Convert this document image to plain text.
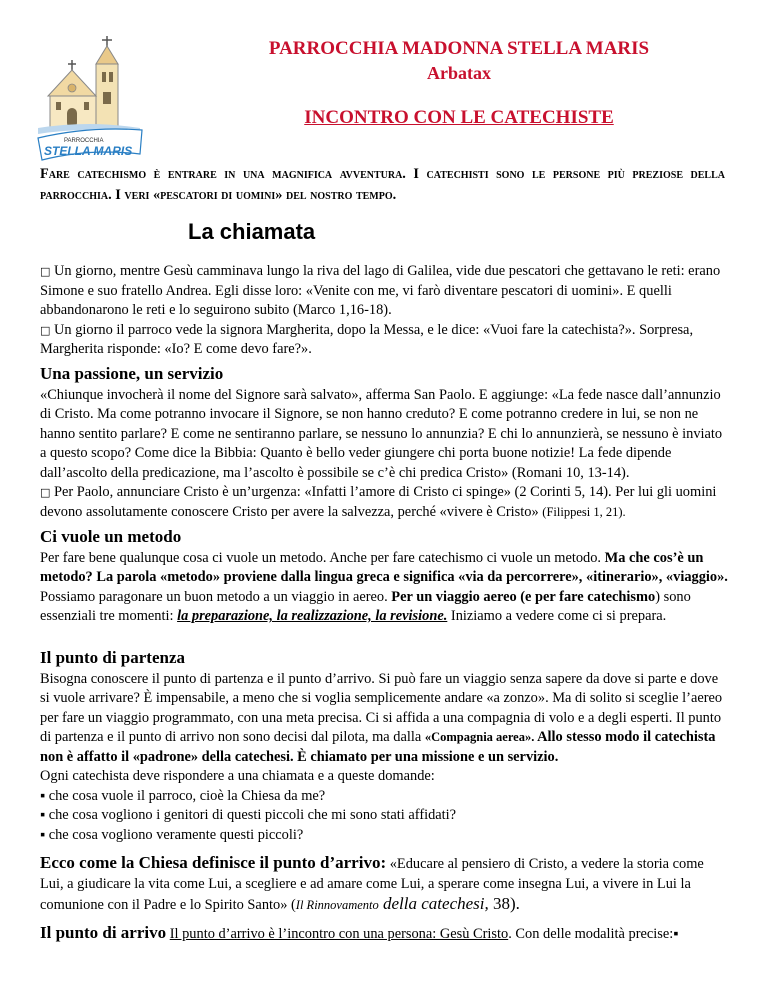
PARROCCHIA
STELLA MARIS
PARROCCHIA MADONNA STELLA MARIS
Arbatax
INCONTRO CON LE CATECHISTE
Fare catechismo è entrare in una magnifica avventura. I catechisti sono le persone più preziose della parrocchia. I veri «pescatori di uomini» del nostro tempo.
La chiamata

□ Un giorno, mentre Gesù camminava lungo la riva del lago di Galilea, vide due pescatori che gettavano le reti: erano Simone e suo fratello Andrea. Egli disse loro: «Venite con me, vi farò diventare pescatori di uomini». E quelli abbandonarono le reti e lo seguirono subito (Marco 1,16-18).

□ Un giorno il parroco vede la signora Margherita, dopo la Messa, e le dice: «Vuoi fare la catechista?». Sorpresa, Margherita risponde: «Io? E come devo fare?».

Una passione, un servizio

«Chiunque invocherà il nome del Signore sarà salvato», afferma San Paolo. E aggiunge: «La fede nasce dall’annunzio di Cristo. Ma come potranno invocare il Signore, se non hanno creduto? E come potranno credere in lui, se non ne hanno sentito parlare? E come ne sentiranno parlare, se nessuno lo annunzia? E chi lo annunzierà, se nessuno è inviato a questo scopo? Come dice la Bibbia: Quanto è bello veder giungere chi porta buone notizie! La fede dipende dall’ascolto della predicazione, ma l’ascolto è possibile se c’è chi predica Cristo» (Romani 10, 13-14).

□ Per Paolo, annunciare Cristo è un’urgenza: «Infatti l’amore di Cristo ci spinge» (2 Corinti 5, 14). Per lui gli uomini devono assolutamente conoscere Cristo per avere la salvezza, perché «vivere è Cristo» (Filippesi 1, 21).

Ci vuole un metodo

Per fare bene qualunque cosa ci vuole un metodo. Anche per fare catechismo ci vuole un metodo. Ma che cos’è un metodo? La parola «metodo» proviene dalla lingua greca e significa «via da percorrere», «itinerario», «viaggio». Possiamo paragonare un buon metodo a un viaggio in aereo. Per un viaggio aereo (e per fare catechismo) sono essenziali tre momenti: la preparazione, la realizzazione, la revisione. Iniziamo a vedere come ci si prepara.

Il punto di partenza

Bisogna conoscere il punto di partenza e il punto d’arrivo. Si può fare un viaggio senza sapere da dove si parte e dove si vuole arrivare? È impensabile, a meno che si voglia semplicemente andare «a zonzo». Ma di solito si sceglie l’aereo per fare un viaggio programmato, con una meta precisa. Ci si affida a una compagnia di volo e a degli esperti. Il punto di partenza e il punto di arrivo non sono decisi dal pilota, ma dalla «Compagnia aerea». Allo stesso modo il catechista non è affatto il «padrone» della catechesi. È chiamato per una missione e un servizio.

Ogni catechista deve rispondere a una chiamata e a queste domande:

▪ che cosa vuole il parroco, cioè la Chiesa da me?

▪ che cosa vogliono i genitori di questi piccoli che mi sono stati affidati?

▪ che cosa vogliono veramente questi piccoli?

Ecco come la Chiesa definisce il punto d’arrivo: «Educare al pensiero di Cristo, a vedere la storia come Lui, a giudicare la vita come Lui, a scegliere e ad amare come Lui, a sperare come insegna Lui, a vivere in Lui la comunione con il Padre e lo Spirito Santo» (Il Rinnovamento della catechesi, 38).

Il punto di arrivo Il punto d’arrivo è l’incontro con una persona: Gesù Cristo. Con delle modalità precise:▪
